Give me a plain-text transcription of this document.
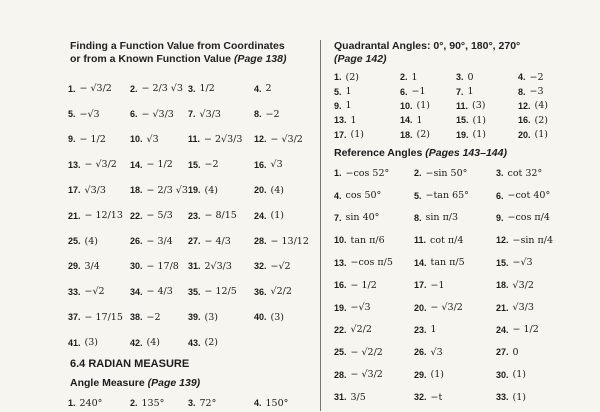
Finding a Function Value from Coordinates
or from a Known Function Value (Page 138)
1. − √3/2 2. − 2/3 √3 3. 1/2	4. 2
5. −√3	6. − √3/3 7. √3/3	8. −2
9. − 1/2	10. √3	11. − 2√3/3 12. − √3/2
13. − √3/2 14. − 1/2 15. −2	16. √3
17. √3/3	18. − 2/3 √3 19. (4)	20. (4)
21. − 12/13 22. − 5/3 23. − 8/15 24. (1)
25. (4)	26. − 3/4 27. − 4/3	28. − 13/12
29. 3/4	30. − 17/8 31. 2√3/3 32. −√2
33. −√2	34. − 4/3 35. − 12/5 36. √2/2
37. − 17/15 38. −2	39. (3)	40. (3)
41. (3)	42. (4)	43. (2)
6.4 RADIAN MEASURE
Angle Measure (Page 139)
1. 240°	2. 135°	3. 72°	4. 150°
Quadrantal Angles: 0°, 90°, 180°, 270°
(Page 142)
1. (2)	2. 1	3. 0	4. −2
5. 1	6. −1	7. 1	8. −3
9. 1	10. (1)	11. (3)	12. (4)
13. 1	14. 1	15. (1)	16. (2)
17. (1)	18. (2)	19. (1)	20. (1)
Reference Angles (Pages 143–144)
1. −cos 52°	2. −sin 50°	3. cot 32°
4. cos 50°	5. −tan 65°	6. −cot 40°
7. sin 40°	8. sin π/3	9. −cos π/4
10. tan π/6	11. cot π/4	12. −sin π/4
13. −cos π/5 14. tan π/5	15. −√3
16. − 1/2	17. −1	18. √3/2
19. −√3	20. − √3/2	21. √3/3
22. √2/2	23. 1	24. − 1/2
25. − √2/2	26. √3	27. 0
28. − √3/2	29. (1)	30. (1)
31. 3/5	32. −t	33. (1)
